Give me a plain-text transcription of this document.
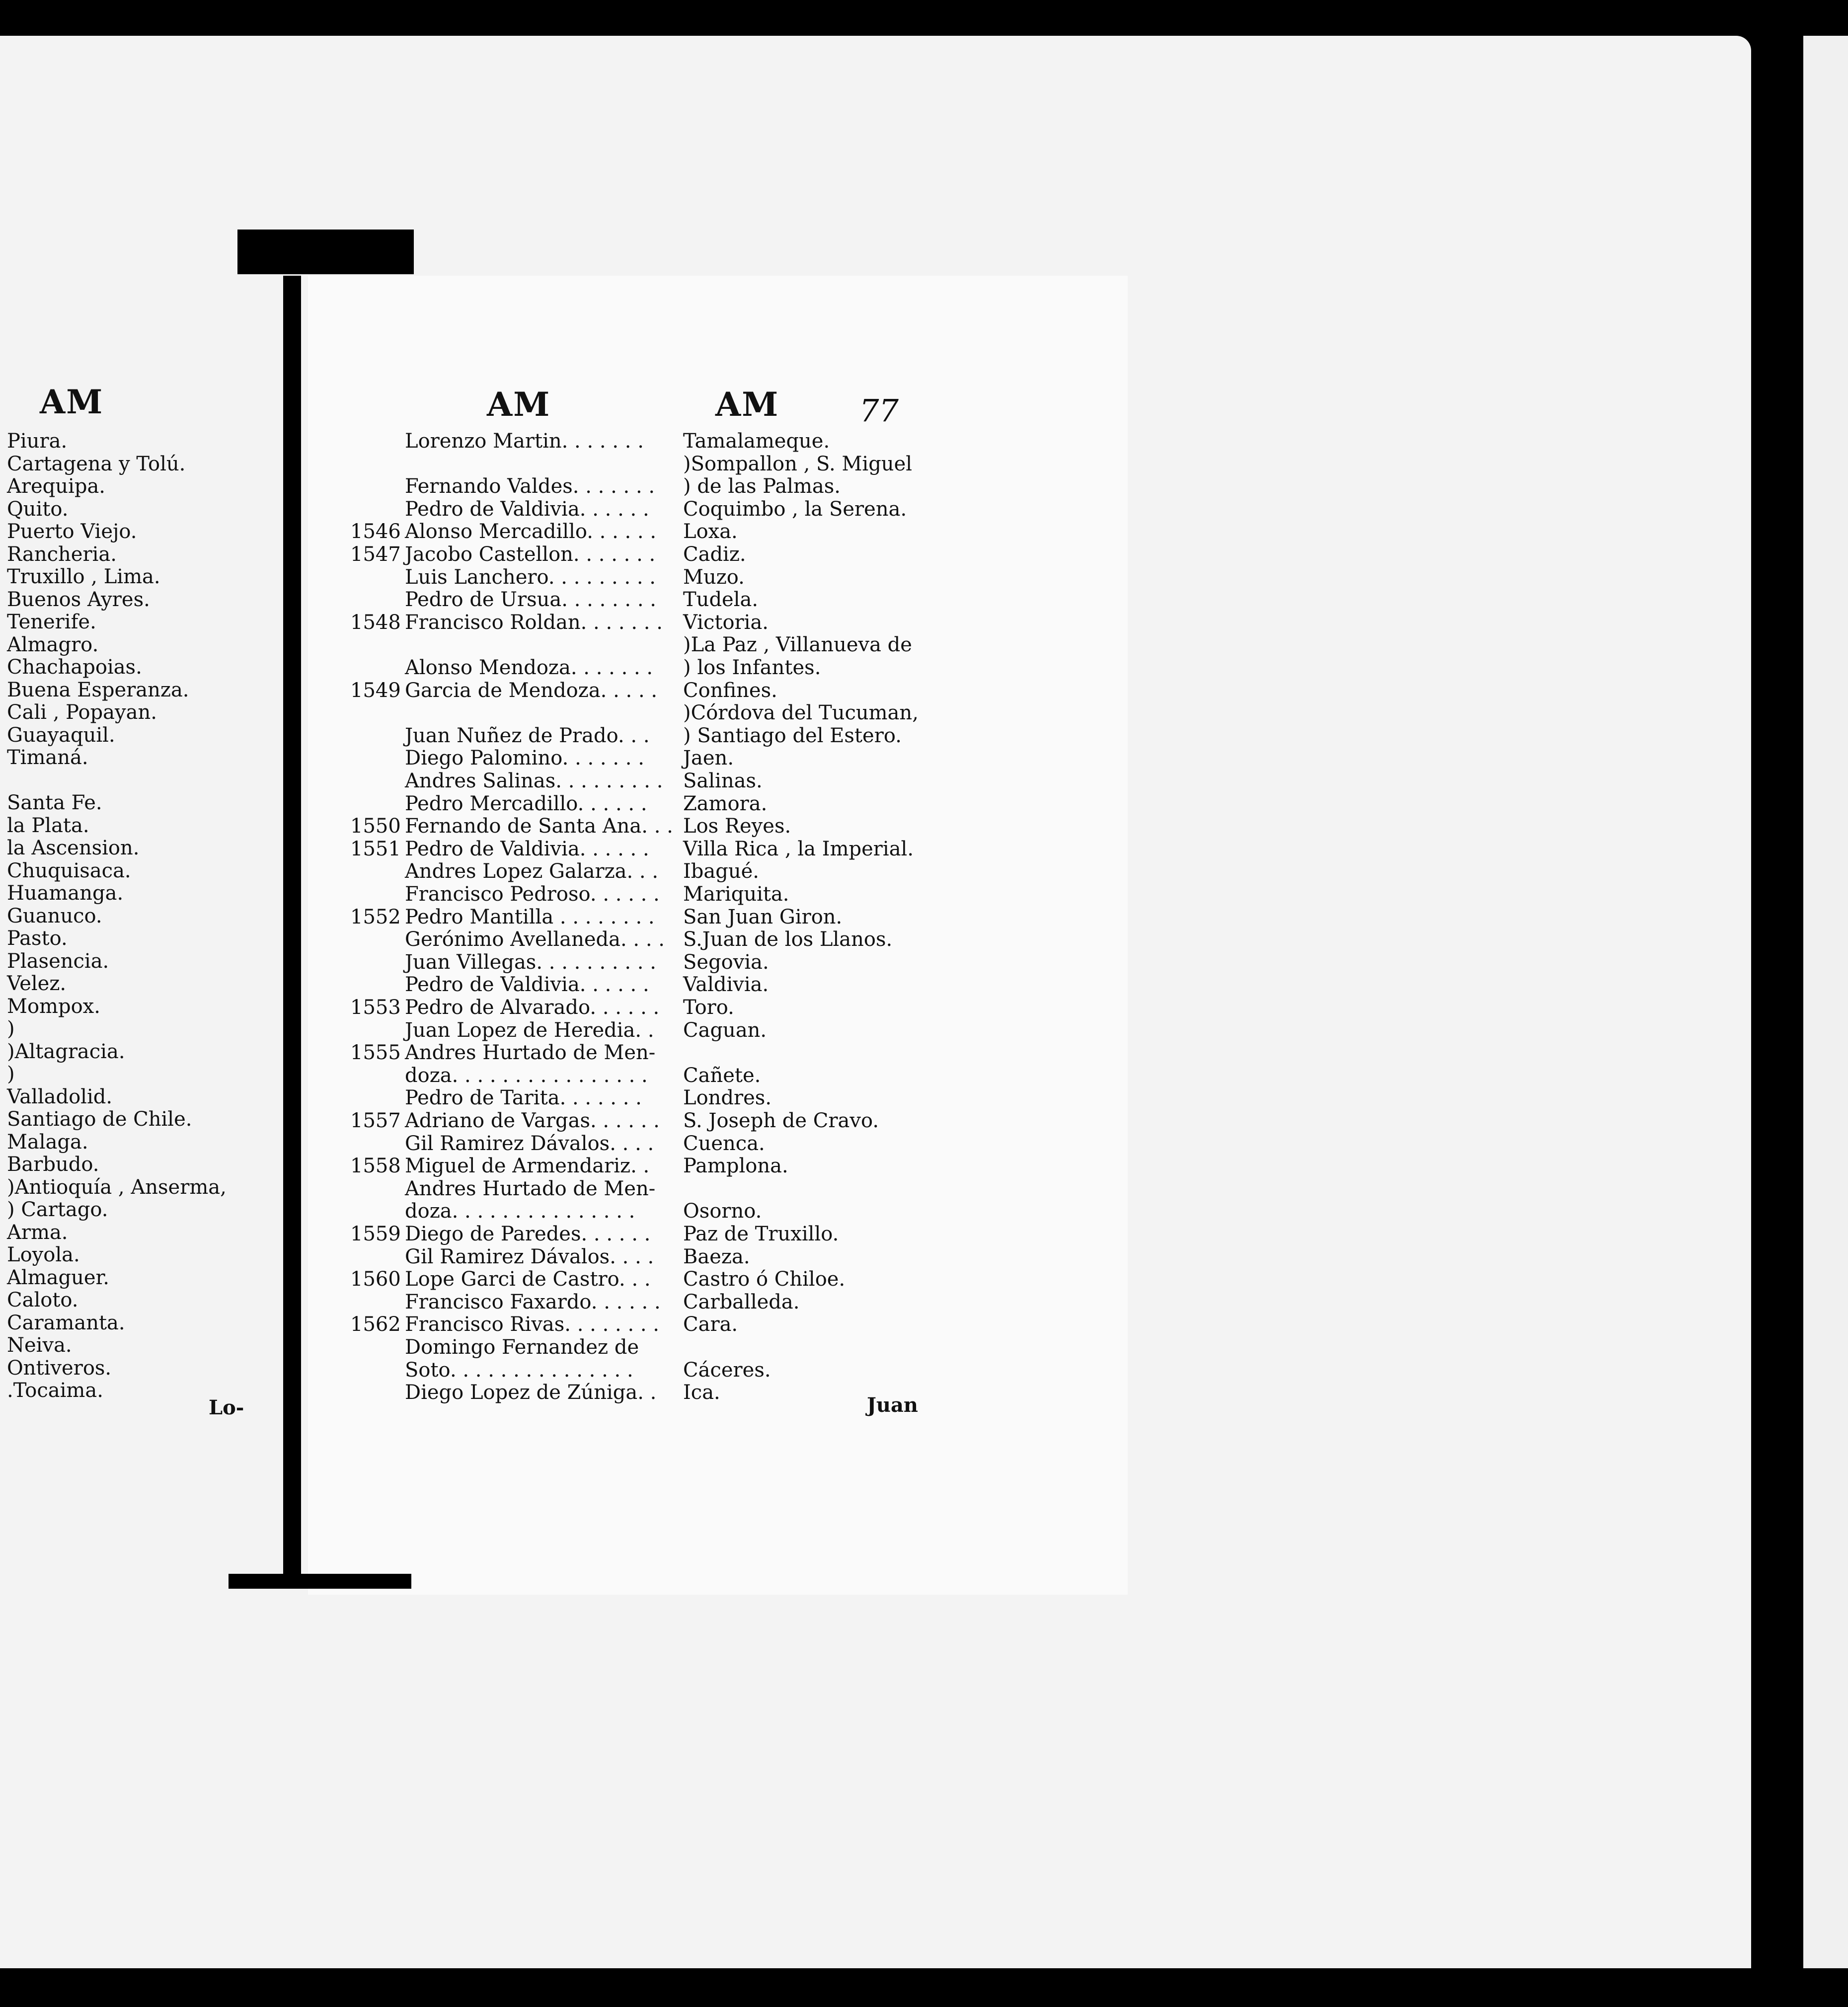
AM
Piura.
Cartagena y Tolú.
Arequipa.
Quito.
Puerto Viejo.
Rancheria.
Truxillo , Lima.
Buenos Ayres.
Tenerife.
Almagro.
Chachapoias.
Buena Esperanza.
Cali , Popayan.
Guayaquil.
Timaná.
Santa Fe.
la Plata.
la Ascension.
Chuquisaca.
Huamanga.
Guanuco.
Pasto.
Plasencia.
Velez.
Mompox.
)
)Altagracia.
)
Valladolid.
Santiago de Chile.
Malaga.
Barbudo.
)Antioquía , Anserma,
) Cartago.
Arma.
Loyola.
Almaguer.
Caloto.
Caramanta.
Neiva.
Ontiveros.
.Tocaima.
Lo-
AM	AM	77
Lorenzo Martin. . . . . . . Tamalameque.
)Sompallon , S. Miguel
Fernando Valdes. . . . . . . ) de las Palmas.
Pedro de Valdivia. . . . . . Coquimbo , la Serena.
1546 Alonso Mercadillo. . . . . . Loxa.
1547 Jacobo Castellon. . . . . . . Cadiz.
Luis Lanchero. . . . . . . . . Muzo.
Pedro de Ursua. . . . . . . . Tudela.
1548 Francisco Roldan. . . . . . . Victoria.
)La Paz , Villanueva de
Alonso Mendoza. . . . . . . ) los Infantes.
1549 Garcia de Mendoza. . . . . Confines.
)Córdova del Tucuman,
Juan Nuñez de Prado. . . ) Santiago del Estero.
Diego Palomino. . . . . . . Jaen.
Andres Salinas. . . . . . . . . Salinas.
Pedro Mercadillo. . . . . . Zamora.
1550 Fernando de Santa Ana. . . Los Reyes.
1551 Pedro de Valdivia. . . . . . Villa Rica , la Imperial.
Andres Lopez Galarza. . . Ibagué.
Francisco Pedroso. . . . . . Mariquita.
1552 Pedro Mantilla . . . . . . . . San Juan Giron.
Gerónimo Avellaneda. . . . S.Juan de los Llanos.
Juan Villegas. . . . . . . . . . Segovia.
Pedro de Valdivia. . . . . . Valdivia.
1553 Pedro de Alvarado. . . . . . Toro.
Juan Lopez de Heredia. . Caguan.
1555 Andres Hurtado de Men-
doza. . . . . . . . . . . . . . . . Cañete.
Pedro de Tarita. . . . . . . Londres.
1557 Adriano de Vargas. . . . . . S. Joseph de Cravo.
Gil Ramirez Dávalos. . . . Cuenca.
1558 Miguel de Armendariz. . Pamplona.
Andres Hurtado de Men-
doza. . . . . . . . . . . . . . . Osorno.
1559 Diego de Paredes. . . . . . Paz de Truxillo.
Gil Ramirez Dávalos. . . . Baeza.
1560 Lope Garci de Castro. . . Castro ó Chiloe.
Francisco Faxardo. . . . . . Carballeda.
1562 Francisco Rivas. . . . . . . . Cara.
Domingo Fernandez de
Soto. . . . . . . . . . . . . . .	Cáceres.
Diego Lopez de Zúniga. . Ica.
Juan
